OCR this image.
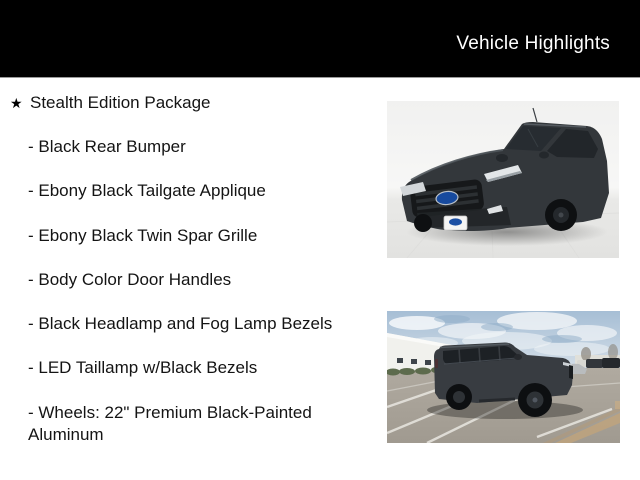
Vehicle Highlights
★ Stealth Edition Package
- Black Rear Bumper
- Ebony Black Tailgate Applique
- Ebony Black Twin Spar Grille
- Body Color Door Handles
- Black Headlamp and Fog Lamp Bezels
- LED Taillamp w/Black Bezels
- Wheels: 22" Premium Black-Painted Aluminum
